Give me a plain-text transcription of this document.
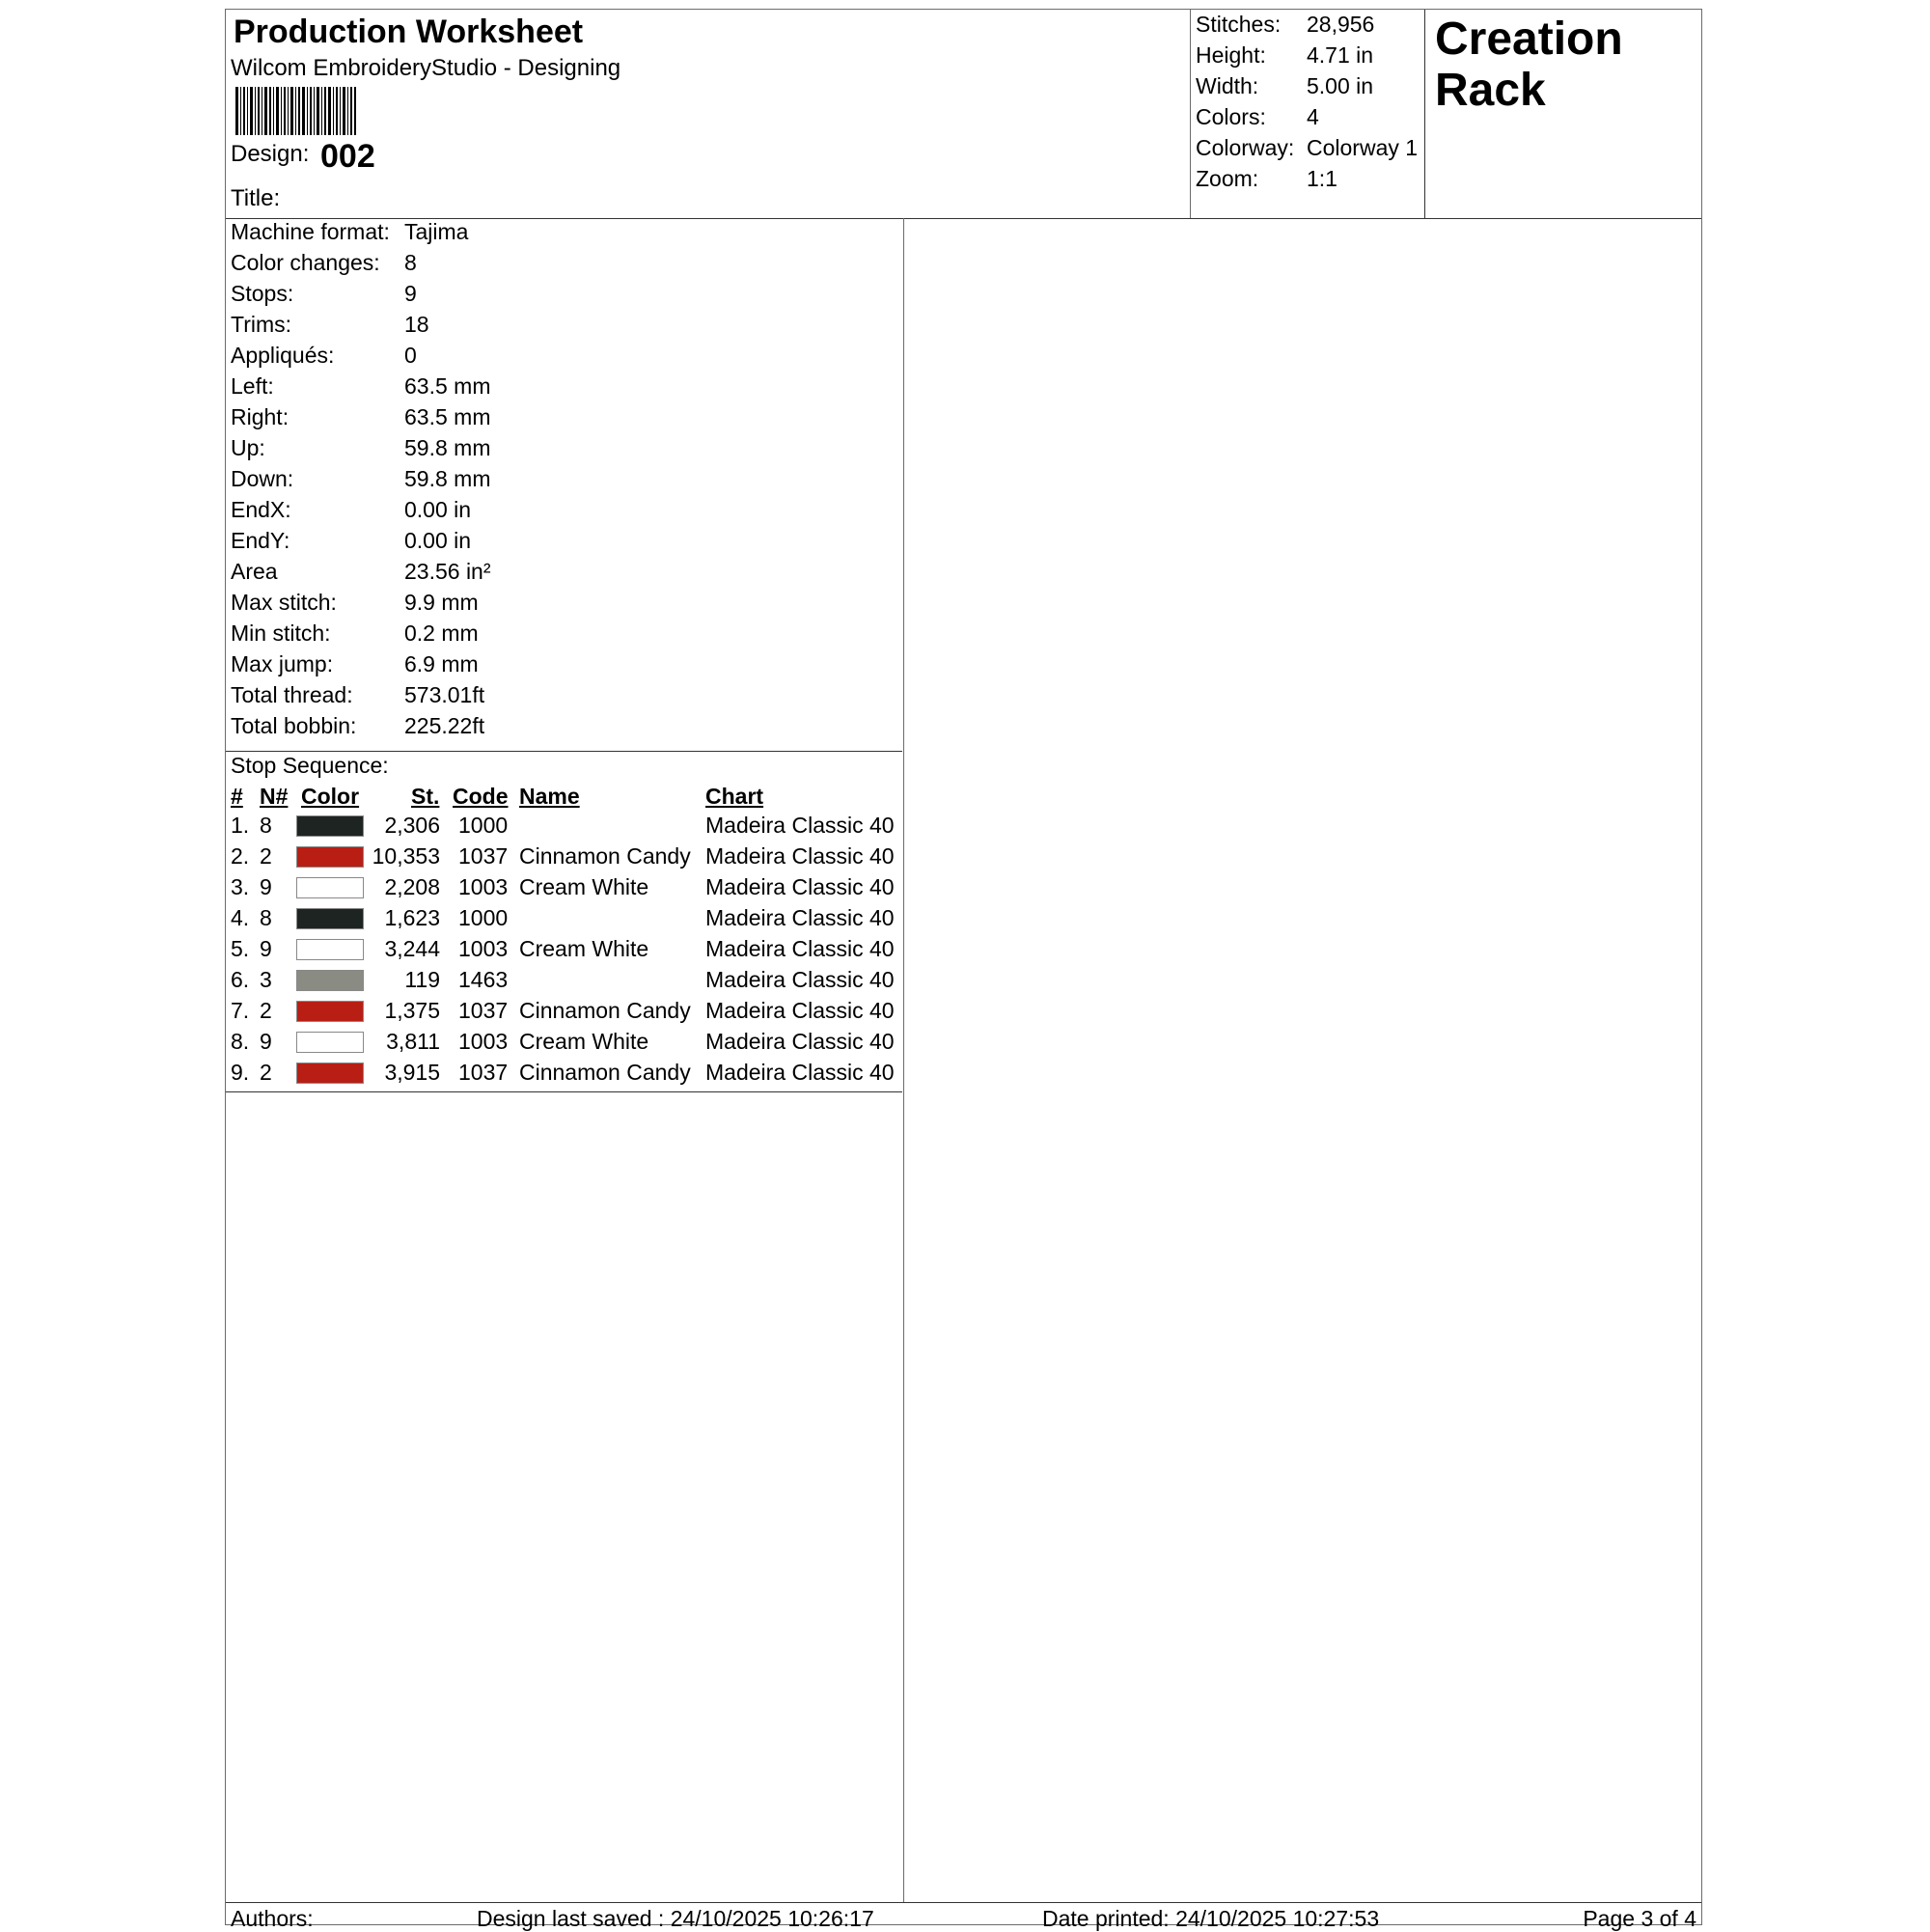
Production Worksheet
Wilcom EmbroideryStudio - Designing
Design: 002
Title:
Stitches: 28,956
Height: 4.71 in
Width: 5.00 in
Colors: 4
Colorway: Colorway 1
Zoom: 1:1
Creation
Rack
Machine format: Tajima
Color changes: 8
Stops:	9
Trims:	18
Appliqués:	0
Left:	63.5 mm
Right:	63.5 mm
Up:	59.8 mm
Down:	59.8 mm
EndX:	0.00 in
EndY:	0.00 in
Area	23.56 in²
Max stitch:	9.9 mm
Min stitch:	0.2 mm
Max jump:	6.9 mm
Total thread: 573.01ft
Total bobbin: 225.22ft
Stop Sequence:
# N# Color St. Code Name	Chart
1. 8	2,306 1000	Madeira Classic 40
2. 2	10,353 1037 Cinnamon Candy Madeira Classic 40
3. 9	2,208 1003 Cream White	Madeira Classic 40
4. 8	1,623 1000	Madeira Classic 40
5. 9	3,244 1003 Cream White	Madeira Classic 40
6. 3	119 1463	Madeira Classic 40
7. 2	1,375 1037 Cinnamon Candy Madeira Classic 40
8. 9	3,811 1003 Cream White	Madeira Classic 40
9. 2	3,915 1037 Cinnamon Candy Madeira Classic 40
Authors:	Design last saved : 24/10/2025 10:26:17	Date printed: 24/10/2025 10:27:53	Page 3 of 4
